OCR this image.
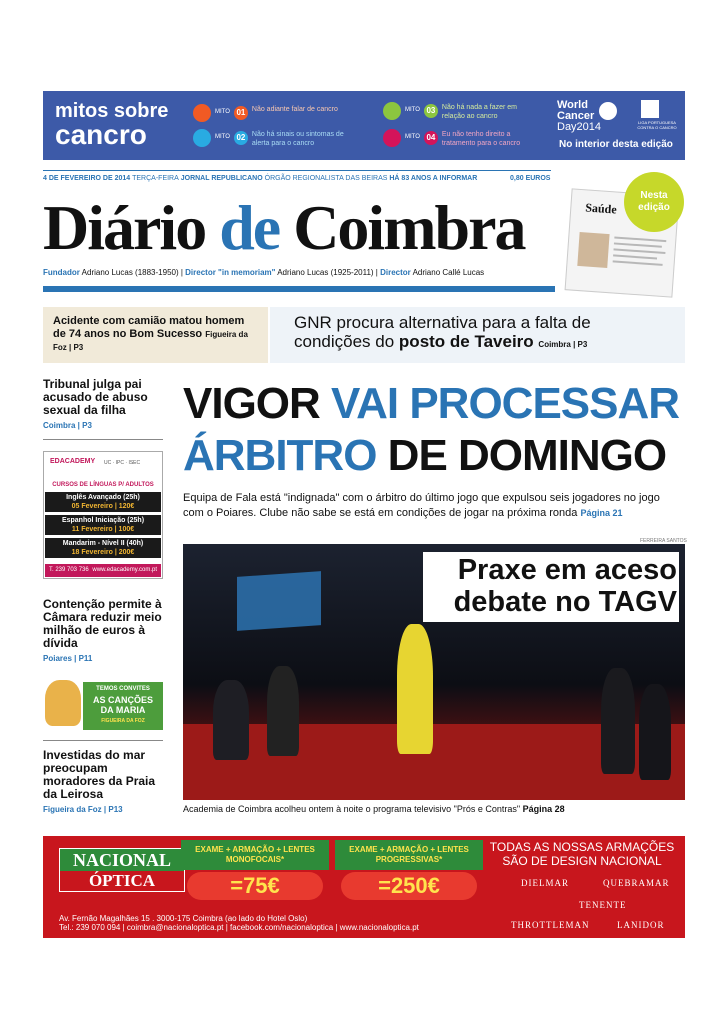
mitos sobre
cancro
MITO 01 Não adiante falar de cancro
MITO 02 Não há sinais ou sintomas de alerta para o cancro
MITO 03 Não há nada a fazer em relação ao cancro
MITO 04 Eu não tenho direito a tratamento para o cancro
World
Cancer
Day2014	LIGA PORTUGUESA CONTRA O CANCRO
No interior desta edição
4 DE FEVEREIRO DE 2014 TERÇA-FEIRA JORNAL REPUBLICANO ÓRGÃO REGIONALISTA DAS BEIRAS HÁ 83 ANOS A INFORMAR	0,80 EUROS
Diário de Coimbra
Fundador Adriano Lucas (1883-1950) | Director "in memoriam" Adriano Lucas (1925-2011) | Director Adriano Callé Lucas
Saúde
Nesta
edição
Acidente com camião matou homem de 74 anos no Bom Sucesso Figueira da Foz | P3
GNR procura alternativa para a falta de condições do posto de Taveiro Coimbra | P3
Tribunal julga pai acusado de abuso sexual da filha
Coimbra | P3
EDACADEMY UC · IPC · ISEC
CURSOS DE LÍNGUAS P/ ADULTOS
Inglês Avançado (25h)
05 Fevereiro | 120€
Espanhol Iniciação (25h)
11 Fevereiro | 100€
Mandarim - Nível II (40h)
18 Fevereiro | 200€
T. 239 703 736 www.edacademy.com.pt
Contenção permite à Câmara reduzir meio milhão de euros à dívida
Poiares | P11
TEMOS CONVITES
AS CANÇÕES DA MARIA
FIGUEIRA DA FOZ
Investidas do mar preocupam moradores da Praia da Leirosa
Figueira da Foz | P13
VIGOR VAI PROCESSAR
ÁRBITRO DE DOMINGO
Equipa de Fala está "indignada" com o árbitro do último jogo que expulsou seis jogadores no jogo com o Poiares. Clube não sabe se está em condições de jogar na próxima ronda Página 21
FERREIRA SANTOS
Praxe em aceso
debate no TAGV
Academia de Coimbra acolheu ontem à noite o programa televisivo "Prós e Contras" Página 28
NACIONAL
ÓPTICA
EXAME + ARMAÇÃO + LENTES MONOFOCAIS*
=75€
EXAME + ARMAÇÃO + LENTES PROGRESSIVAS*
=250€
TODAS AS NOSSAS ARMAÇÕES
SÃO DE DESIGN NACIONAL
DIELMAR	QUEBRAMAR
TENENTE
THROTTLEMAN	LANIDOR
Av. Fernão Magalhães 15 . 3000-175 Coimbra (ao lado do Hotel Oslo)
Tel.: 239 070 094 | coimbra@nacionaloptica.pt | facebook.com/nacionaloptica | www.nacionaloptica.pt
